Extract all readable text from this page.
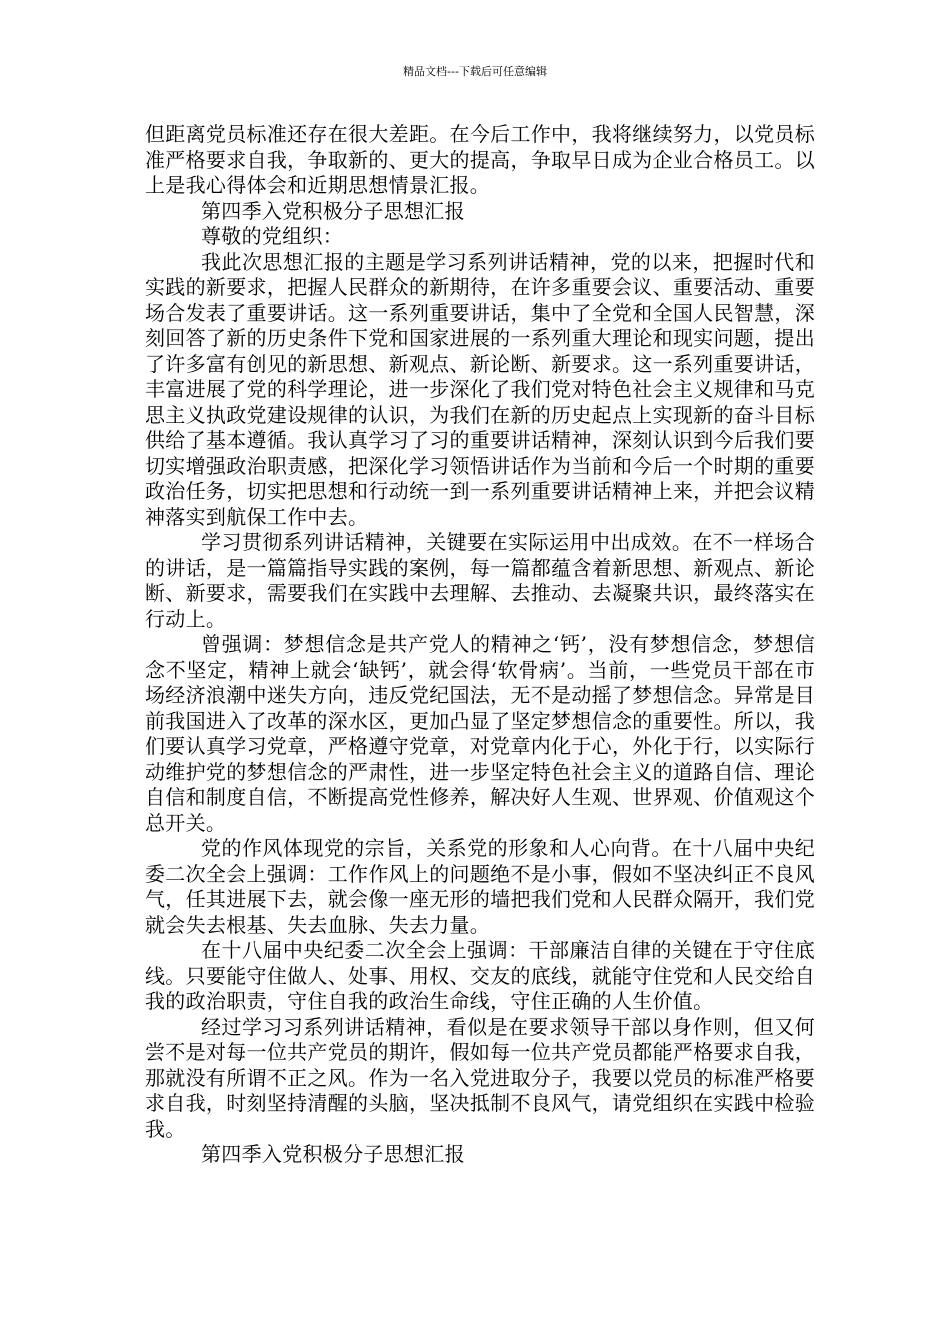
精品文档---下载后可任意编辑

但距离党员标准还存在很大差距。在今后工作中，我将继续努力，以党员标准严格要求自我，争取新的、更大的提高，争取早日成为企业合格员工。以上是我心得体会和近期思想情景汇报。

第四季入党积极分子思想汇报

尊敬的党组织：

我此次思想汇报的主题是学习系列讲话精神，党的以来，把握时代和实践的新要求，把握人民群众的新期待，在许多重要会议、重要活动、重要场合发表了重要讲话。这一系列重要讲话，集中了全党和全国人民智慧，深刻回答了新的历史条件下党和国家进展的一系列重大理论和现实问题，提出了许多富有创见的新思想、新观点、新论断、新要求。这一系列重要讲话，丰富进展了党的科学理论，进一步深化了我们党对特色社会主义规律和马克思主义执政党建设规律的认识，为我们在新的历史起点上实现新的奋斗目标供给了基本遵循。我认真学习了习的重要讲话精神，深刻认识到今后我们要切实增强政治职责感，把深化学习领悟讲话作为当前和今后一个时期的重要政治任务，切实把思想和行动统一到一系列重要讲话精神上来，并把会议精神落实到航保工作中去。

学习贯彻系列讲话精神，关键要在实际运用中出成效。在不一样场合的讲话，是一篇篇指导实践的案例，每一篇都蕴含着新思想、新观点、新论断、新要求，需要我们在实践中去理解、去推动、去凝聚共识，最终落实在行动上。

曾强调：梦想信念是共产党人的精神之‘钙’，没有梦想信念，梦想信念不坚定，精神上就会‘缺钙’，就会得‘软骨病’。当前，一些党员干部在市场经济浪潮中迷失方向，违反党纪国法，无不是动摇了梦想信念。异常是目前我国进入了改革的深水区，更加凸显了坚定梦想信念的重要性。所以，我们要认真学习党章，严格遵守党章，对党章内化于心，外化于行，以实际行动维护党的梦想信念的严肃性，进一步坚定特色社会主义的道路自信、理论自信和制度自信，不断提高党性修养，解决好人生观、世界观、价值观这个总开关。

党的作风体现党的宗旨，关系党的形象和人心向背。在十八届中央纪委二次全会上强调：工作作风上的问题绝不是小事，假如不坚决纠正不良风气，任其进展下去，就会像一座无形的墙把我们党和人民群众隔开，我们党就会失去根基、失去血脉、失去力量。

在十八届中央纪委二次全会上强调：干部廉洁自律的关键在于守住底线。只要能守住做人、处事、用权、交友的底线，就能守住党和人民交给自我的政治职责，守住自我的政治生命线，守住正确的人生价值。

经过学习习系列讲话精神，看似是在要求领导干部以身作则，但又何尝不是对每一位共产党员的期许，假如每一位共产党员都能严格要求自我，那就没有所谓不正之风。作为一名入党进取分子，我要以党员的标准严格要求自我，时刻坚持清醒的头脑，坚决抵制不良风气，请党组织在实践中检验我。

第四季入党积极分子思想汇报
